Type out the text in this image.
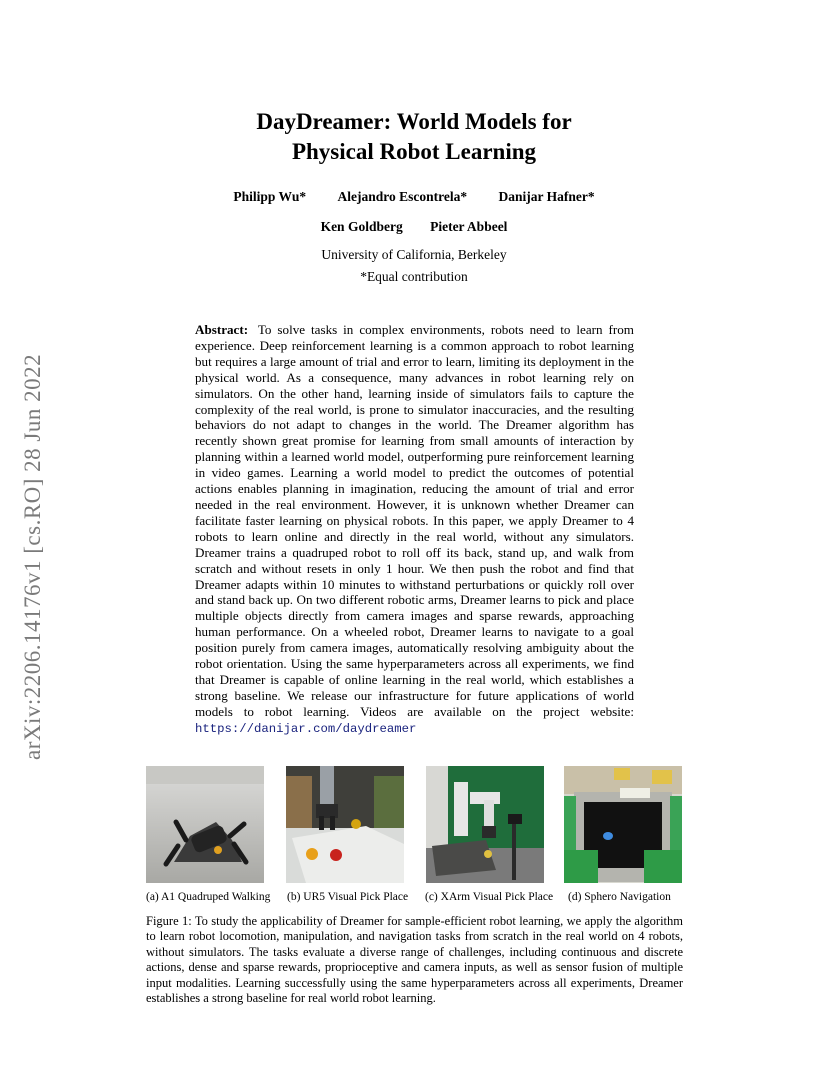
arXiv:2206.14176v1 [cs.RO] 28 Jun 2022
DayDreamer: World Models for
Physical Robot Learning
Philipp Wu* Alejandro Escontrela* Danijar Hafner*
Ken Goldberg Pieter Abbeel
University of California, Berkeley
*Equal contribution
Abstract: To solve tasks in complex environments, robots need to learn from experience. Deep reinforcement learning is a common approach to robot learning but requires a large amount of trial and error to learn, limiting its deployment in the physical world. As a consequence, many advances in robot learning rely on simulators. On the other hand, learning inside of simulators fails to capture the complexity of the real world, is prone to simulator inaccuracies, and the resulting behaviors do not adapt to changes in the world. The Dreamer algorithm has recently shown great promise for learning from small amounts of interaction by planning within a learned world model, outperforming pure reinforcement learning in video games. Learning a world model to predict the outcomes of potential actions enables planning in imagination, reducing the amount of trial and error needed in the real environment. However, it is unknown whether Dreamer can facilitate faster learning on physical robots. In this paper, we apply Dreamer to 4 robots to learn online and directly in the real world, without any simulators. Dreamer trains a quadruped robot to roll off its back, stand up, and walk from scratch and without resets in only 1 hour. We then push the robot and find that Dreamer adapts within 10 minutes to withstand perturbations or quickly roll over and stand back up. On two different robotic arms, Dreamer learns to pick and place multiple objects directly from camera images and sparse rewards, approaching human performance. On a wheeled robot, Dreamer learns to navigate to a goal position purely from camera images, automatically resolving ambiguity about the robot orientation. Using the same hyperparameters across all experiments, we find that Dreamer is capable of online learning in the real world, which establishes a strong baseline. We release our infrastructure for future applications of world models to robot learning. Videos are available on the project website: https://danijar.com/daydreamer
(a) A1 Quadruped Walking (b) UR5 Visual Pick Place (c) XArm Visual Pick Place (d) Sphero Navigation
Figure 1: To study the applicability of Dreamer for sample-efficient robot learning, we apply the algorithm to learn robot locomotion, manipulation, and navigation tasks from scratch in the real world on 4 robots, without simulators. The tasks evaluate a diverse range of challenges, including continuous and discrete actions, dense and sparse rewards, proprioceptive and camera inputs, as well as sensor fusion of multiple input modalities. Learning successfully using the same hyperparameters across all experiments, Dreamer establishes a strong baseline for real world robot learning.
